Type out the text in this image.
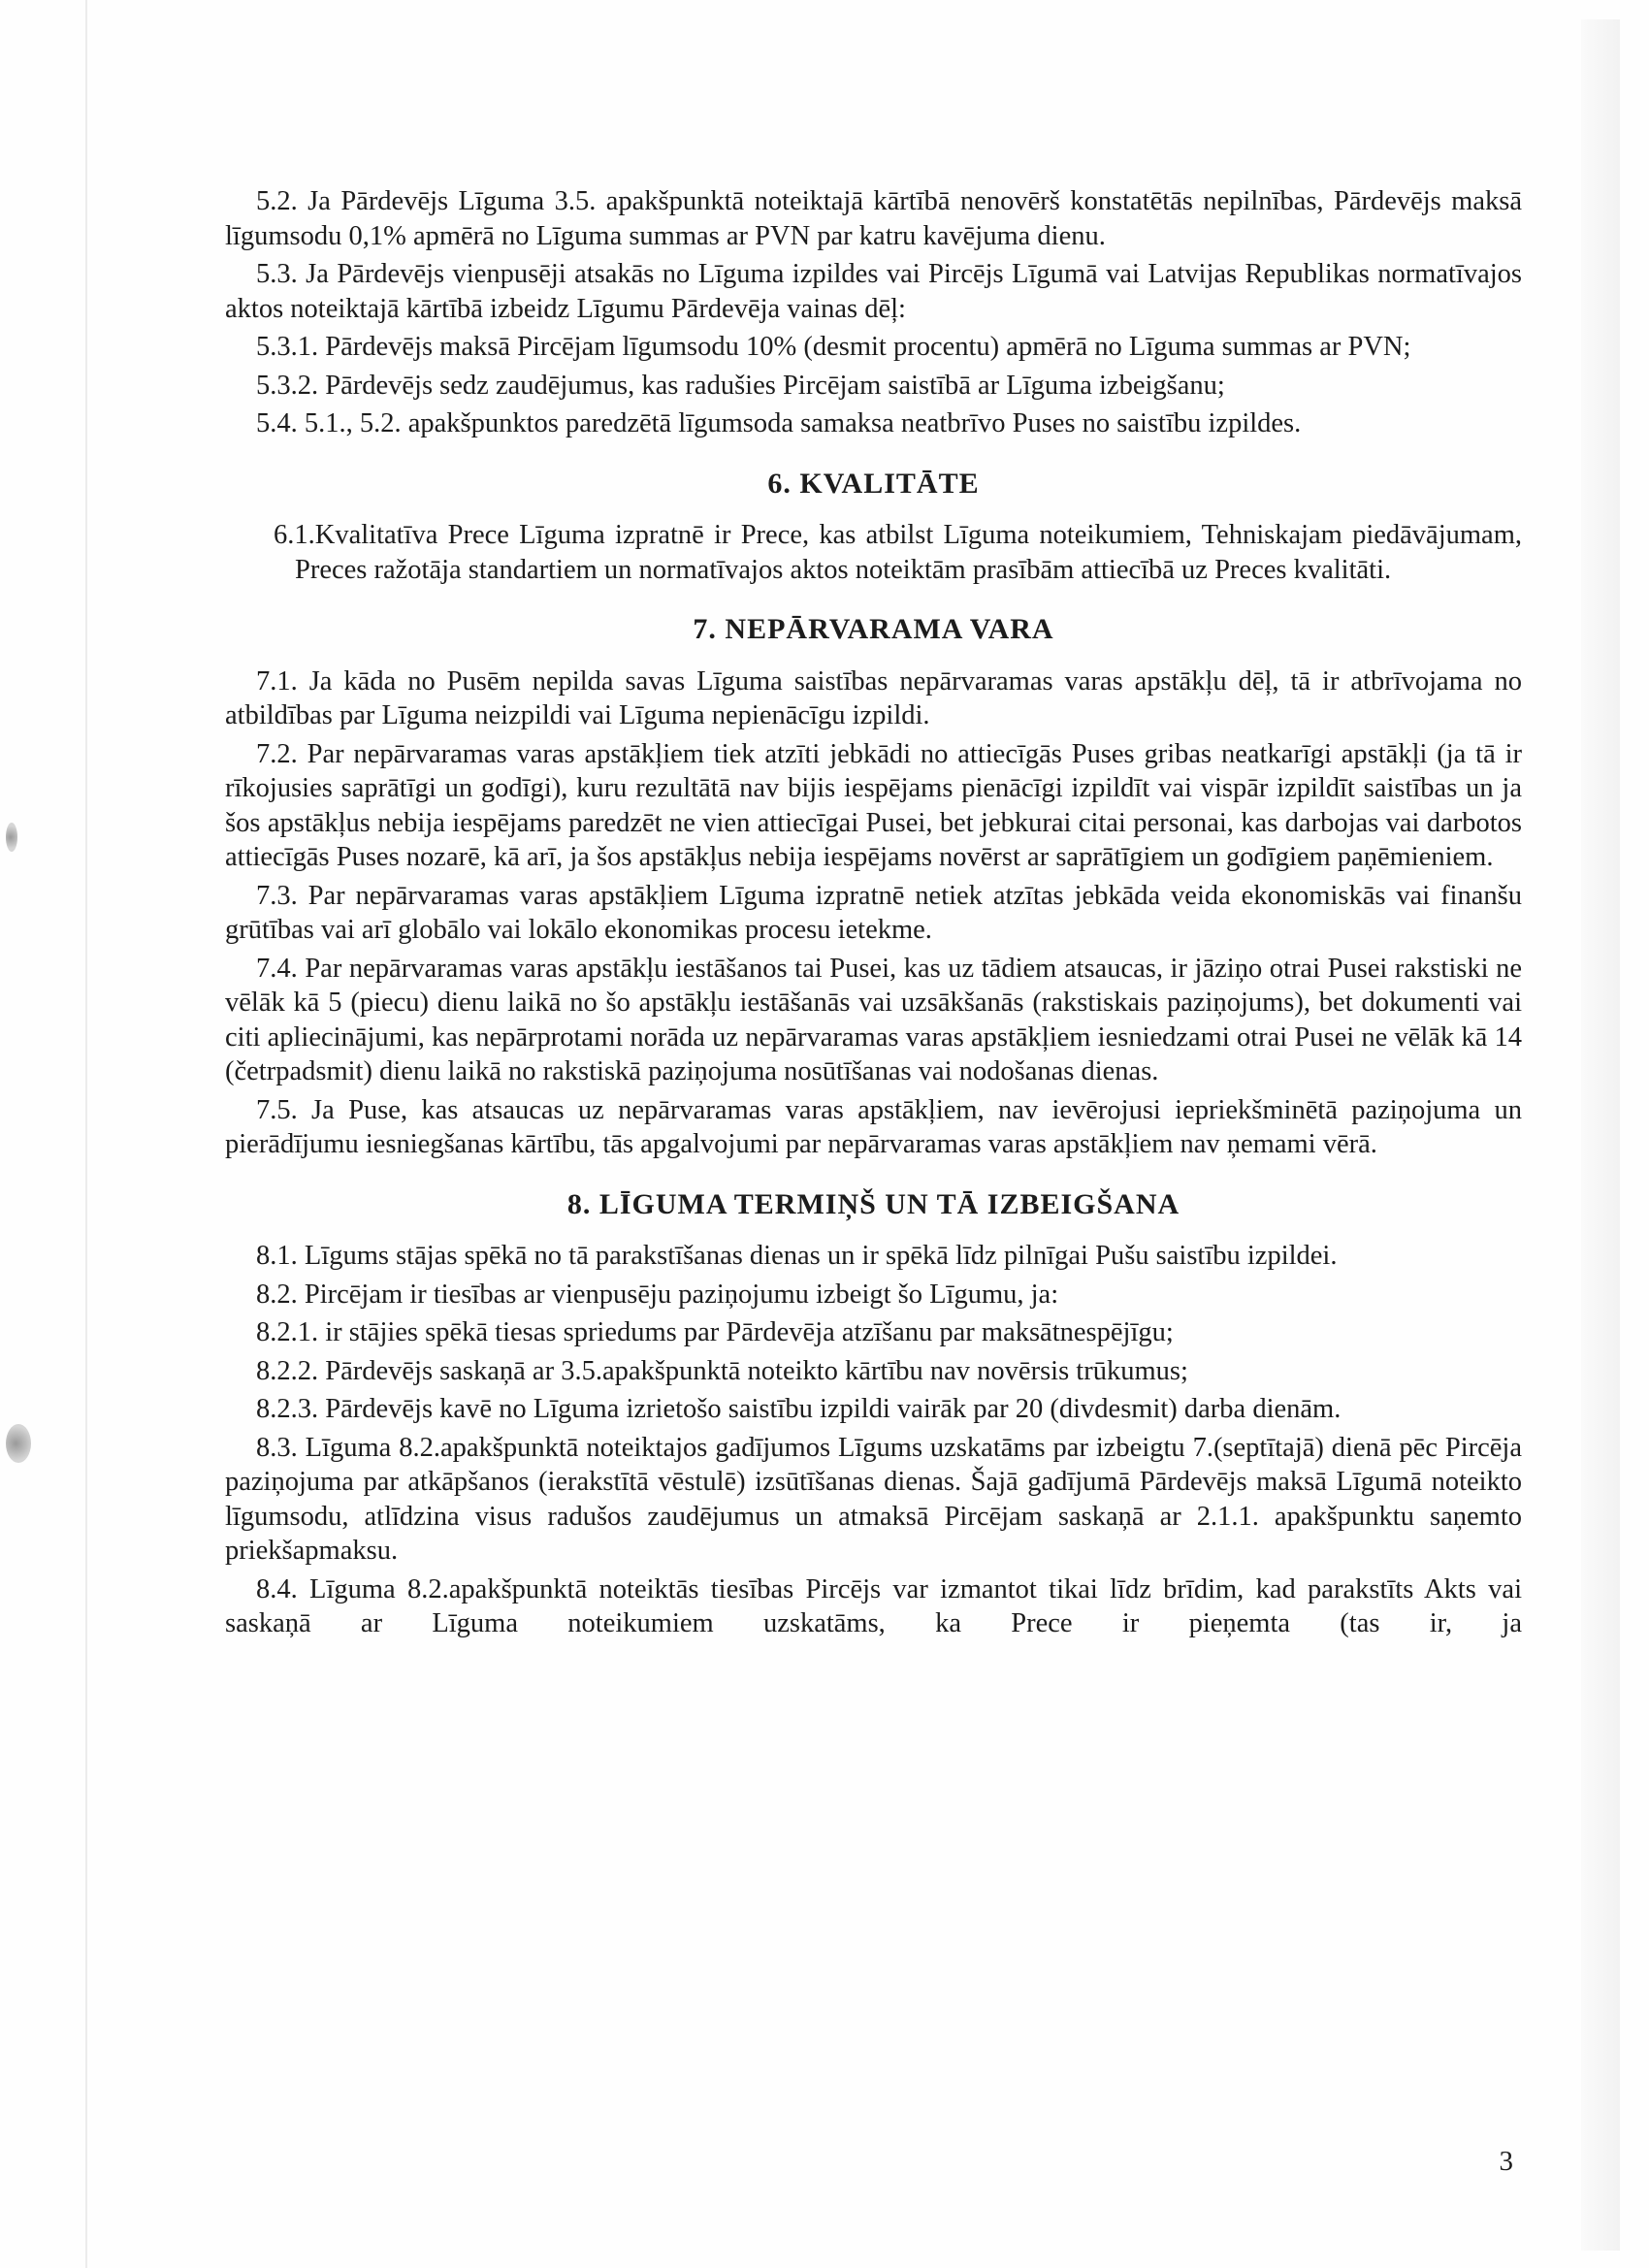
5.2. Ja Pārdevējs Līguma 3.5. apakšpunktā noteiktajā kārtībā nenovērš konstatētās nepilnības, Pārdevējs maksā līgumsodu 0,1% apmērā no Līguma summas ar PVN par katru kavējuma dienu.

5.3. Ja Pārdevējs vienpusēji atsakās no Līguma izpildes vai Pircējs Līgumā vai Latvijas Republikas normatīvajos aktos noteiktajā kārtībā izbeidz Līgumu Pārdevēja vainas dēļ:

5.3.1. Pārdevējs maksā Pircējam līgumsodu 10% (desmit procentu) apmērā no Līguma summas ar PVN;

5.3.2. Pārdevējs sedz zaudējumus, kas radušies Pircējam saistībā ar Līguma izbeigšanu;

5.4. 5.1., 5.2. apakšpunktos paredzētā līgumsoda samaksa neatbrīvo Puses no saistību izpildes.

6. KVALITĀTE

6.1.Kvalitatīva Prece Līguma izpratnē ir Prece, kas atbilst Līguma noteikumiem, Tehniskajam piedāvājumam, Preces ražotāja standartiem un normatīvajos aktos noteiktām prasībām attiecībā uz Preces kvalitāti.

7. NEPĀRVARAMA VARA

7.1. Ja kāda no Pusēm nepilda savas Līguma saistības nepārvaramas varas apstākļu dēļ, tā ir atbrīvojama no atbildības par Līguma neizpildi vai Līguma nepienācīgu izpildi.

7.2. Par nepārvaramas varas apstākļiem tiek atzīti jebkādi no attiecīgās Puses gribas neatkarīgi apstākļi (ja tā ir rīkojusies saprātīgi un godīgi), kuru rezultātā nav bijis iespējams pienācīgi izpildīt vai vispār izpildīt saistības un ja šos apstākļus nebija iespējams paredzēt ne vien attiecīgai Pusei, bet jebkurai citai personai, kas darbojas vai darbotos attiecīgās Puses nozarē, kā arī, ja šos apstākļus nebija iespējams novērst ar saprātīgiem un godīgiem paņēmieniem.

7.3. Par nepārvaramas varas apstākļiem Līguma izpratnē netiek atzītas jebkāda veida ekonomiskās vai finanšu grūtības vai arī globālo vai lokālo ekonomikas procesu ietekme.

7.4. Par nepārvaramas varas apstākļu iestāšanos tai Pusei, kas uz tādiem atsaucas, ir jāziņo otrai Pusei rakstiski ne vēlāk kā 5 (piecu) dienu laikā no šo apstākļu iestāšanās vai uzsākšanās (rakstiskais paziņojums), bet dokumenti vai citi apliecinājumi, kas nepārprotami norāda uz nepārvaramas varas apstākļiem iesniedzami otrai Pusei ne vēlāk kā 14 (četrpadsmit) dienu laikā no rakstiskā paziņojuma nosūtīšanas vai nodošanas dienas.

7.5. Ja Puse, kas atsaucas uz nepārvaramas varas apstākļiem, nav ievērojusi iepriekšminētā paziņojuma un pierādījumu iesniegšanas kārtību, tās apgalvojumi par nepārvaramas varas apstākļiem nav ņemami vērā.

8. LĪGUMA TERMIŅŠ UN TĀ IZBEIGŠANA

8.1. Līgums stājas spēkā no tā parakstīšanas dienas un ir spēkā līdz pilnīgai Pušu saistību izpildei.

8.2. Pircējam ir tiesības ar vienpusēju paziņojumu izbeigt šo Līgumu, ja:

8.2.1. ir stājies spēkā tiesas spriedums par Pārdevēja atzīšanu par maksātnespējīgu;

8.2.2. Pārdevējs saskaņā ar 3.5.apakšpunktā noteikto kārtību nav novērsis trūkumus;

8.2.3. Pārdevējs kavē no Līguma izrietošo saistību izpildi vairāk par 20 (divdesmit) darba dienām.

8.3. Līguma 8.2.apakšpunktā noteiktajos gadījumos Līgums uzskatāms par izbeigtu 7.(septītajā) dienā pēc Pircēja paziņojuma par atkāpšanos (ierakstītā vēstulē) izsūtīšanas dienas. Šajā gadījumā Pārdevējs maksā Līgumā noteikto līgumsodu, atlīdzina visus radušos zaudējumus un atmaksā Pircējam saskaņā ar 2.1.1. apakšpunktu saņemto priekšapmaksu.

8.4. Līguma 8.2.apakšpunktā noteiktās tiesības Pircējs var izmantot tikai līdz brīdim, kad parakstīts Akts vai saskaņā ar Līguma noteikumiem uzskatāms, ka Prece ir pieņemta (tas ir, ja

3
